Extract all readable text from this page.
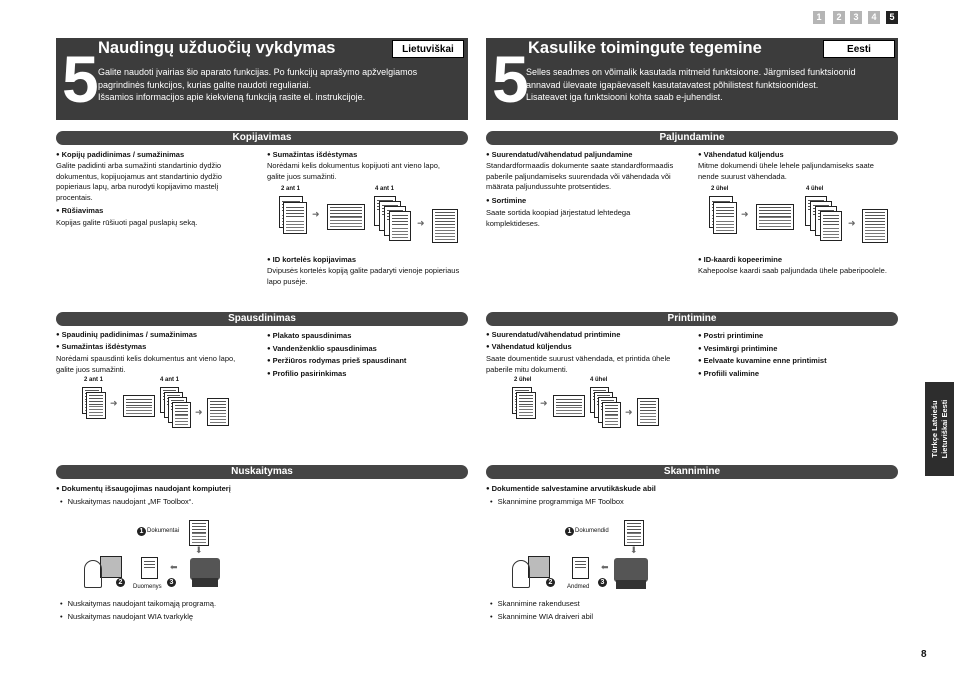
1	2	3	4	5
5 Naudingų užduočių vykdymas	Lietuviškai
Galite naudoti įvairias šio aparato funkcijas. Po funkcijų aprašymo apžvelgiamos
pagrindinės funkcijos, kurias galite naudoti reguliariai.
Išsamios informacijos apie kiekvieną funkciją rasite el. instrukcijoje.	5 Kasulike toimingute tegemine	Eesti
Selles seadmes on võimalik kasutada mitmeid funktsioone. Järgmised funktsioonid
annavad ülevaate igapäevaselt kasutatavatest põhilistest funktsioonidest.
Lisateavet iga funktsiooni kohta saab e-juhendist.
Kopijavimas
● Kopijų padidinimas / sumažinimas
Galite padidinti arba sumažinti standartinio dydžio
dokumentus, kopijuojamus ant standartinio dydžio
popieriaus lapų, arba nurodyti kopijavimo mastelį
procentais.
● Rūšiavimas
Kopijas galite rūšiuoti pagal puslapių seką.
● Sumažintas išdėstymas
Norėdami kelis dokumentus kopijuoti ant vieno lapo,
galite juos sumažinti.
2 ant 1	4 ant 1
➜
➜
● ID kortelės kopijavimas
Dvipusės kortelės kopiją galite padaryti vienoje popieriaus
lapo pusėje.
Paljundamine
● Suurendatud/vähendatud paljundamine
Standardformaadis dokumente saate standardformaadis
paberile paljundamiseks suurendada või vähendada või
määrata paljundussuhte protsentides.
● Sortimine
Saate sortida koopiad järjestatud lehtedega
komplektideses.
● Vähendatud küljendus
Mitme dokumendi ühele lehele paljundamiseks saate
nende suurust vähendada.
2 ühel	4 ühel
➜
➜
● ID-kaardi kopeerimine
Kahepoolse kaardi saab paljundada ühele paberipoolele.
Spausdinimas
● Spaudinių padidinimas / sumažinimas
● Sumažintas išdėstymas
Norėdami spausdinti kelis dokumentus ant vieno lapo,
galite juos sumažinti.
2 ant 1	4 ant 1
➜
➜
● Plakato spausdinimas
● Vandenženklio spausdinimas
● Peržiūros rodymas prieš spausdinant
● Profilio pasirinkimas
Printimine
● Suurendatud/vähendatud printimine
● Vähendatud küljendus
Saate doumentide suurust vähendada, et printida ühele
paberile mitu dokumenti.
2 ühel	4 ühel
➜
➜
● Postri printimine
● Vesimärgi printimine
● Eelvaate kuvamine enne printimist
● Profiili valimine
Nuskaitymas
● Dokumentų išsaugojimas naudojant kompiuterį
• Nuskaitymas naudojant „MF Toolbox“.
1 Dokumentai
⬇
2	3
Duomenys
⬅
• Nuskaitymas naudojant taikomąją programą.
• Nuskaitymas naudojant WIA tvarkyklę
Skannimine
● Dokumentide salvestamine arvutikäskude abil
• Skannimine programmiga MF Toolbox
1 Dokumendid
⬇
2	3
Andmed
⬅
• Skannimine rakendusest
• Skannimine WIA draiveri abil
Türkçe Latviešu Lietuviškai Eesti
8
